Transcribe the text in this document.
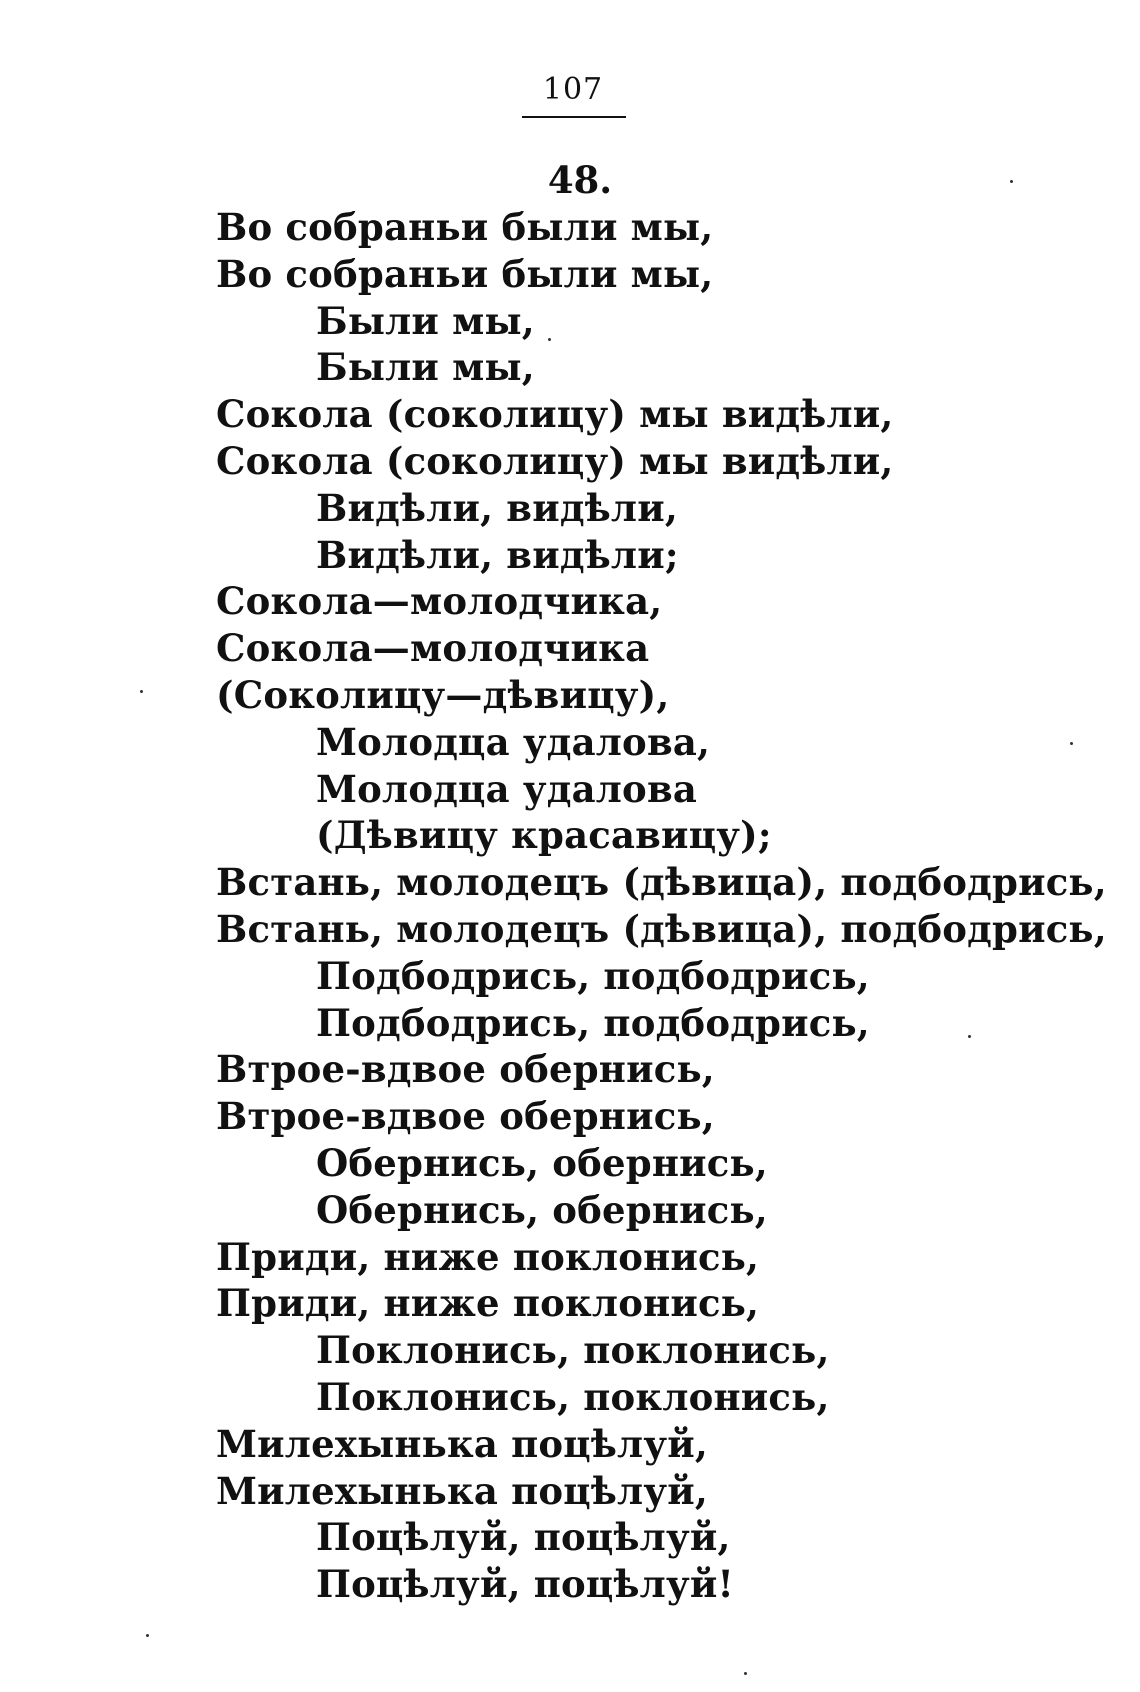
107
48.
Во собраньи были мы,
Во собраньи были мы,
Были мы,
Были мы,
Сокола (соколицу) мы видѣли,
Сокола (соколицу) мы видѣли,
Видѣли, видѣли,
Видѣли, видѣли;
Сокола—молодчика,
Сокола—молодчика
(Соколицу—дѣвицу),
Молодца удалова,
Молодца удалова
(Дѣвицу красавицу);
Встань, молодецъ (дѣвица), подбодрись,
Встань, молодецъ (дѣвица), подбодрись,
Подбодрись, подбодрись,
Подбодрись, подбодрись,
Втрое-вдвое обернись,
Втрое-вдвое обернись,
Обернись, обернись,
Обернись, обернись,
Приди, ниже поклонись,
Приди, ниже поклонись,
Поклонись, поклонись,
Поклонись, поклонись,
Милехынька поцѣлуй,
Милехынька поцѣлуй,
Поцѣлуй, поцѣлуй,
Поцѣлуй, поцѣлуй!
